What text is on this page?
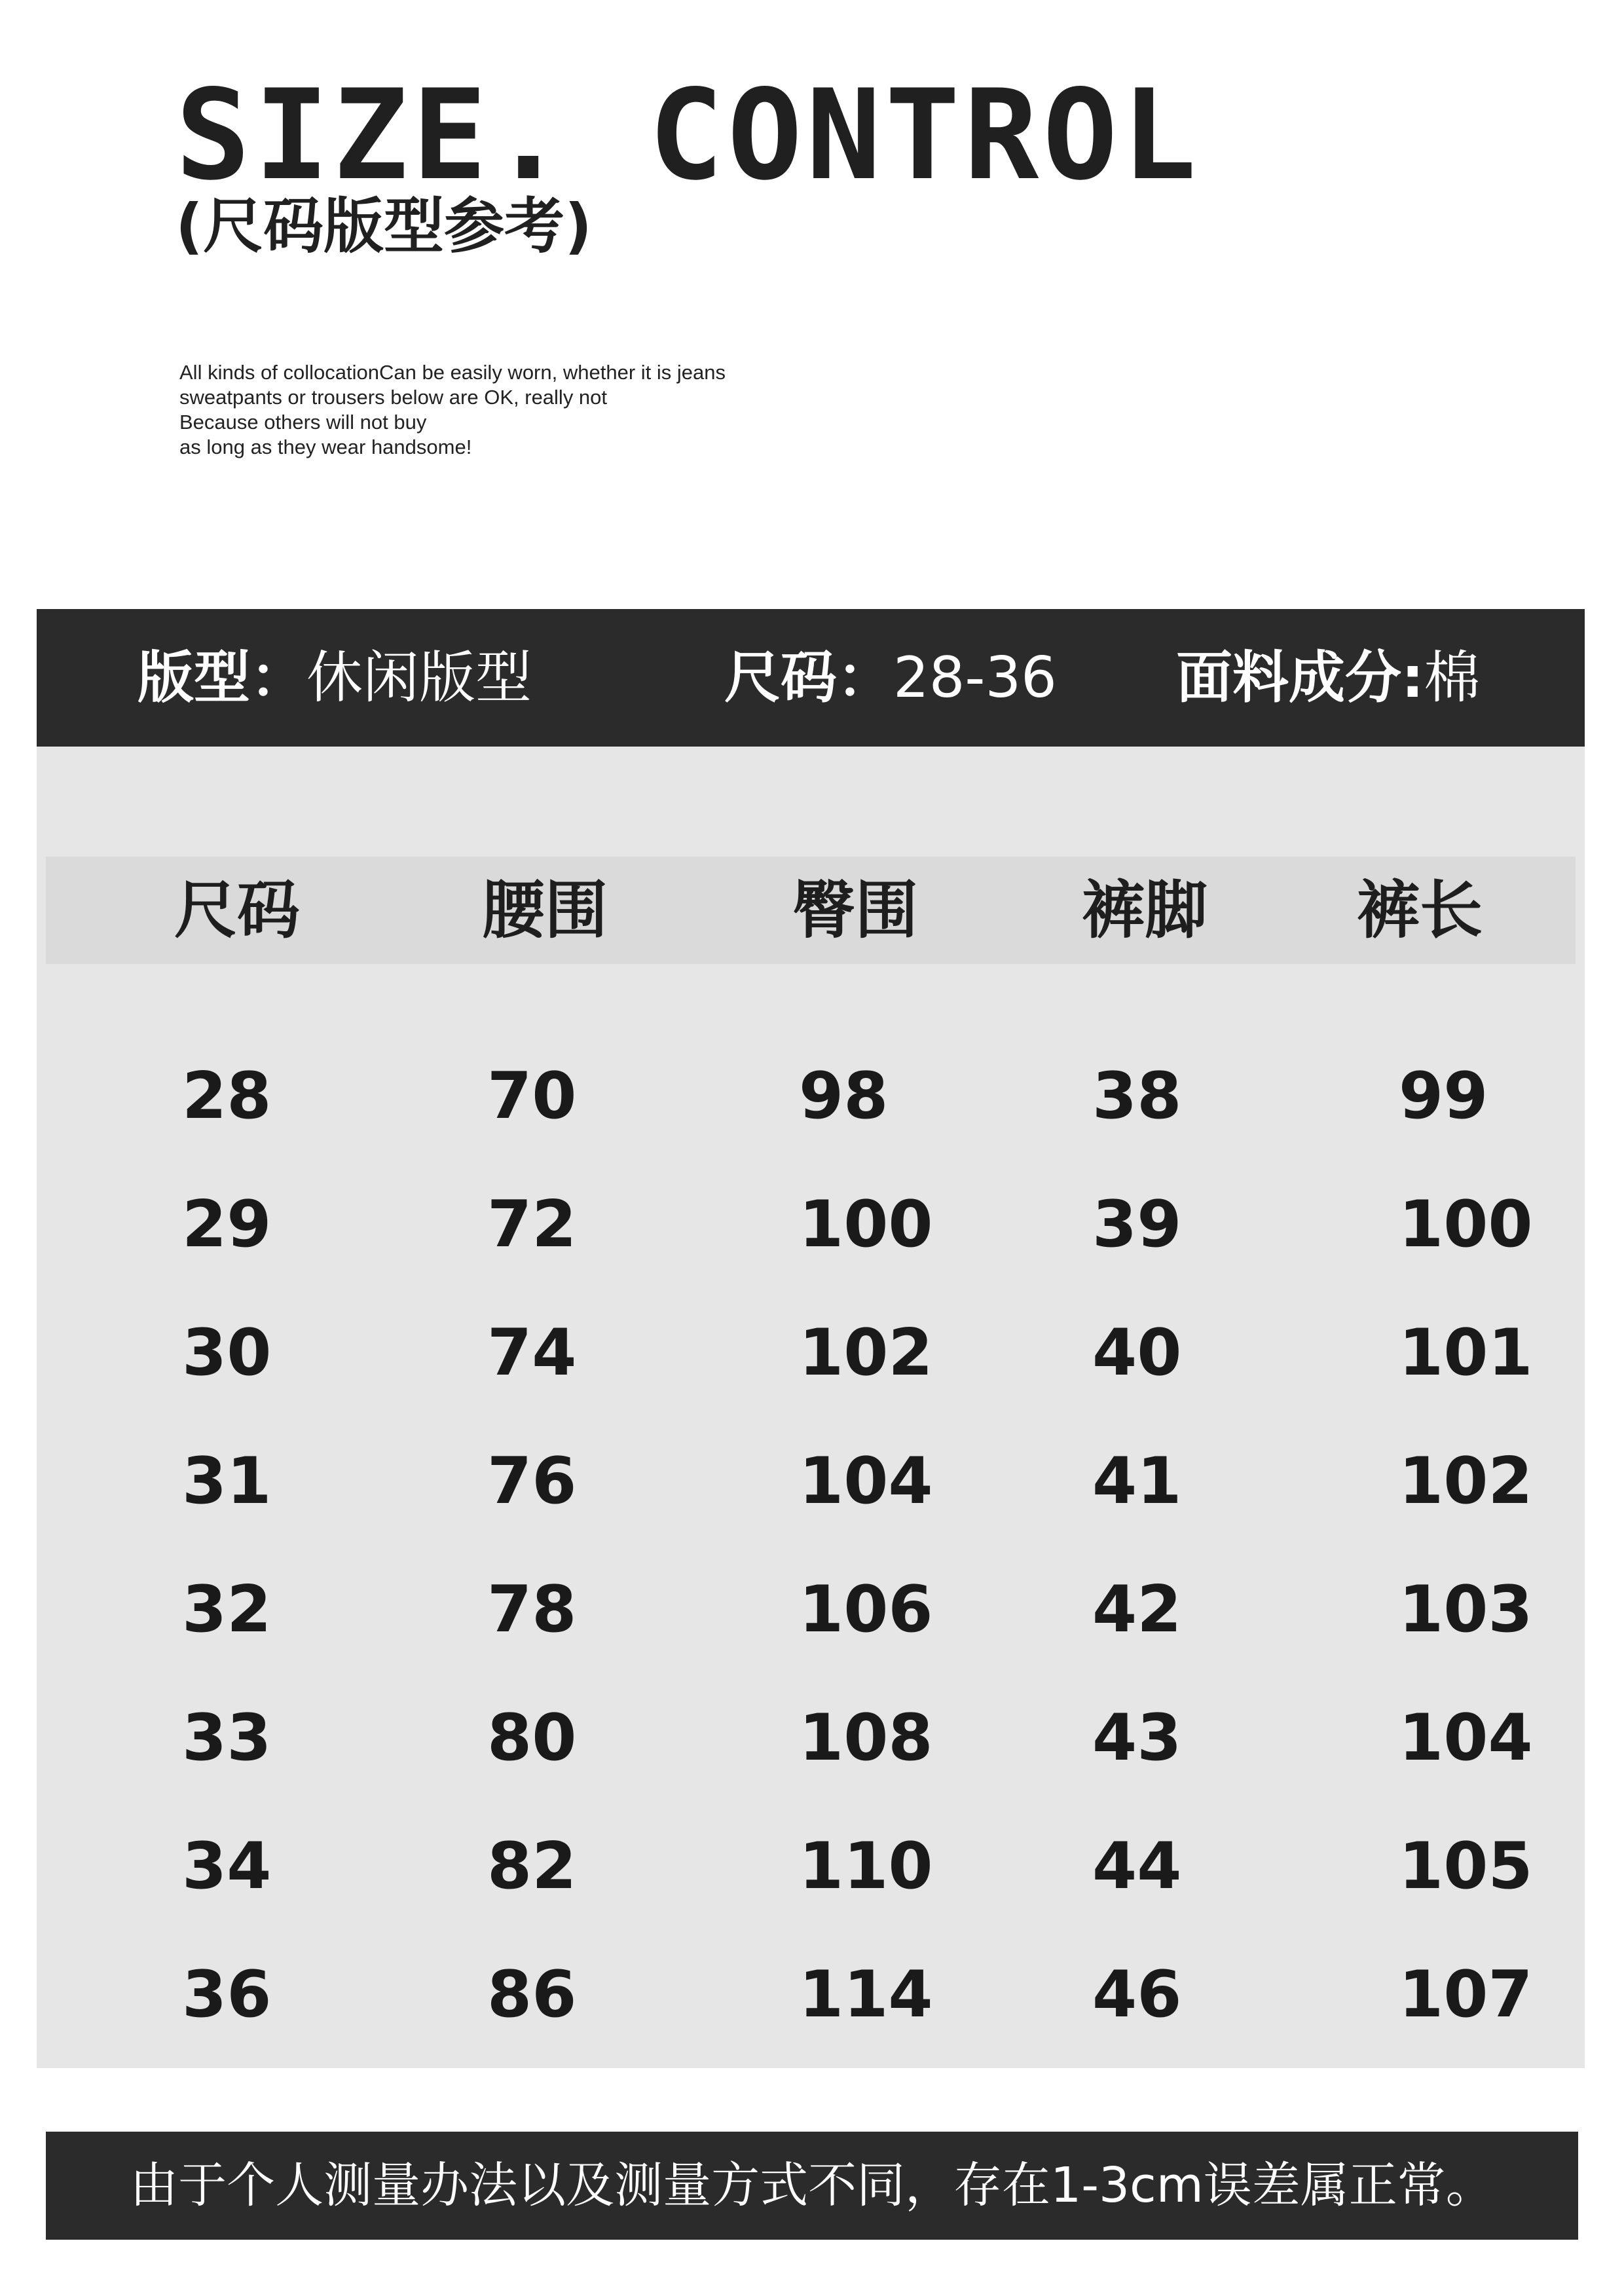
SIZE. CONTROL
(尺码版型参考)
All kinds of collocationCan be easily worn, whether it is jeans
sweatpants or trousers below are OK, really not
Because others will not buy
as long as they wear handsome!
版型：休闲版型	尺码：28-36 面料成分:棉
尺码	腰围	臀围	裤脚 裤长
28	70	98	38	99
29	72	100 39	100
30	74	102 40	101
31	76	104 41	102
32	78	106 42	103
33	80	108 43	104
34	82	110 44	105
36	86	114 46	107
由于个人测量办法以及测量方式不同，存在1-3cm误差属正常。
